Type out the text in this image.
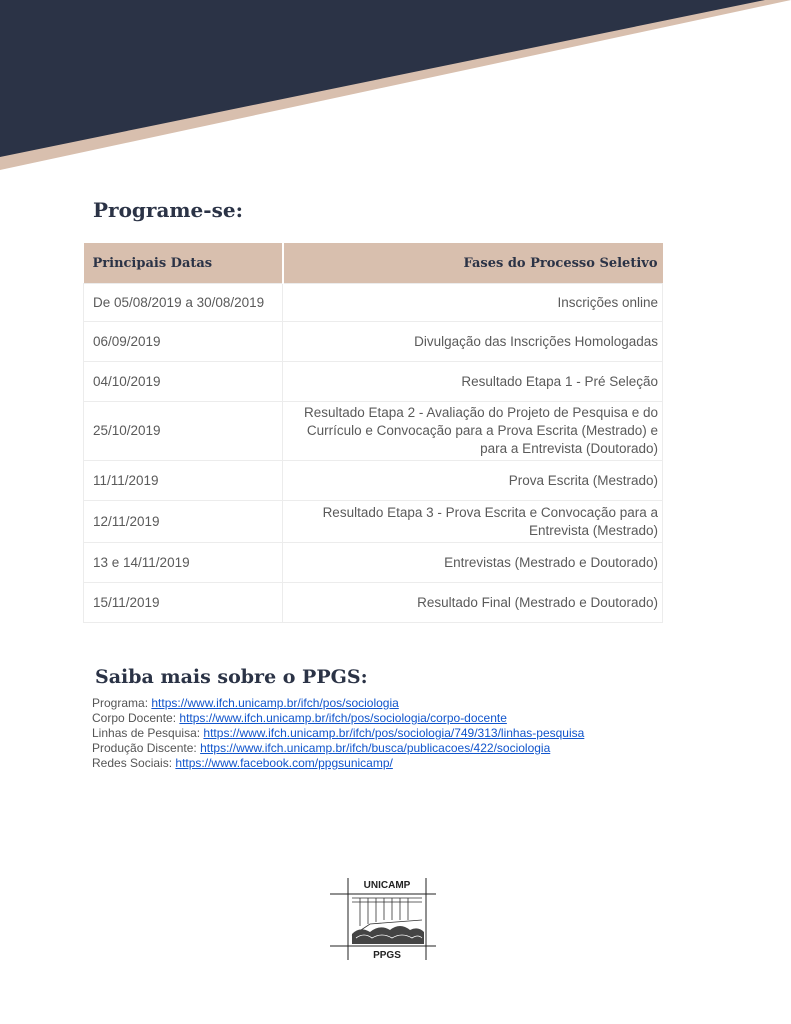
Programe-se:
Principais Datas	Fases do Processo Seletivo
De 05/08/2019 a 30/08/2019	Inscrições online
06/09/2019	Divulgação das Inscrições Homologadas
04/10/2019	Resultado Etapa 1 - Pré Seleção
25/10/2019	Resultado Etapa 2 - Avaliação do Projeto de Pesquisa e do Currículo e Convocação para a Prova Escrita (Mestrado) e para a Entrevista (Doutorado)
11/11/2019	Prova Escrita (Mestrado)
12/11/2019	Resultado Etapa 3 - Prova Escrita e Convocação para a Entrevista (Mestrado)
13 e 14/11/2019	Entrevistas (Mestrado e Doutorado)
15/11/2019	Resultado Final (Mestrado e Doutorado)
Saiba mais sobre o PPGS:
Programa: https://www.ifch.unicamp.br/ifch/pos/sociologia
Corpo Docente: https://www.ifch.unicamp.br/ifch/pos/sociologia/corpo-docente
Linhas de Pesquisa: https://www.ifch.unicamp.br/ifch/pos/sociologia/749/313/linhas-pesquisa
Produção Discente: https://www.ifch.unicamp.br/ifch/busca/publicacoes/422/sociologia
Redes Sociais: https://www.facebook.com/ppgsunicamp/
UNICAMP
PPGS
